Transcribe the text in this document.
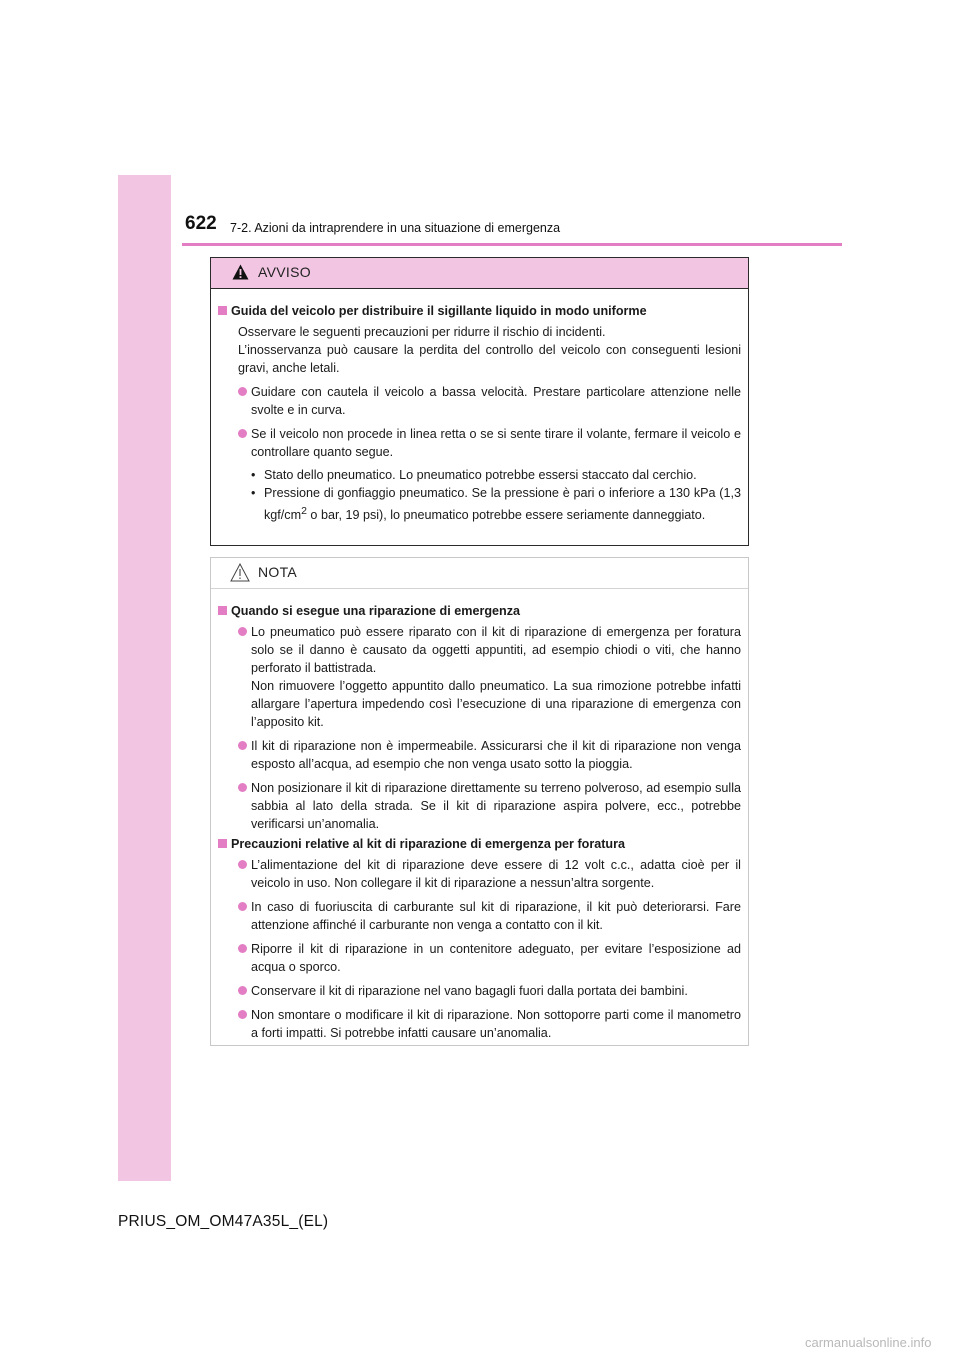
622 7-2. Azioni da intraprendere in una situazione di emergenza
AVVISO
Guida del veicolo per distribuire il sigillante liquido in modo uniforme
Osservare le seguenti precauzioni per ridurre il rischio di incidenti.
L’inosservanza può causare la perdita del controllo del veicolo con conseguenti lesioni gravi, anche letali.
Guidare con cautela il veicolo a bassa velocità. Prestare particolare attenzione nelle svolte e in curva.
Se il veicolo non procede in linea retta o se si sente tirare il volante, fermare il veicolo e controllare quanto segue.
• Stato dello pneumatico. Lo pneumatico potrebbe essersi staccato dal cerchio.
• Pressione di gonfiaggio pneumatico. Se la pressione è pari o inferiore a 130 kPa (1,3 kgf/$cm^2$ o bar, 19 psi), lo pneumatico potrebbe essere seriamente danneggiato.
NOTA
Quando si esegue una riparazione di emergenza
Lo pneumatico può essere riparato con il kit di riparazione di emergenza per foratura solo se il danno è causato da oggetti appuntiti, ad esempio chiodi o viti, che hanno perforato il battistrada.
Non rimuovere l’oggetto appuntito dallo pneumatico. La sua rimozione potrebbe infatti allargare l’apertura impedendo così l’esecuzione di una riparazione di emergenza con l’apposito kit.
Il kit di riparazione non è impermeabile. Assicurarsi che il kit di riparazione non venga esposto all’acqua, ad esempio che non venga usato sotto la pioggia.
Non posizionare il kit di riparazione direttamente su terreno polveroso, ad esempio sulla sabbia al lato della strada. Se il kit di riparazione aspira polvere, ecc., potrebbe verificarsi un’anomalia.
Precauzioni relative al kit di riparazione di emergenza per foratura
L’alimentazione del kit di riparazione deve essere di 12 volt c.c., adatta cioè per il veicolo in uso. Non collegare il kit di riparazione a nessun’altra sorgente.
In caso di fuoriuscita di carburante sul kit di riparazione, il kit può deteriorarsi. Fare attenzione affinché il carburante non venga a contatto con il kit.
Riporre il kit di riparazione in un contenitore adeguato, per evitare l’esposizione ad acqua o sporco.
Conservare il kit di riparazione nel vano bagagli fuori dalla portata dei bambini.
Non smontare o modificare il kit di riparazione. Non sottoporre parti come il manometro a forti impatti. Si potrebbe infatti causare un’anomalia.
PRIUS_OM_OM47A35L_(EL)
carmanualsonline.info
